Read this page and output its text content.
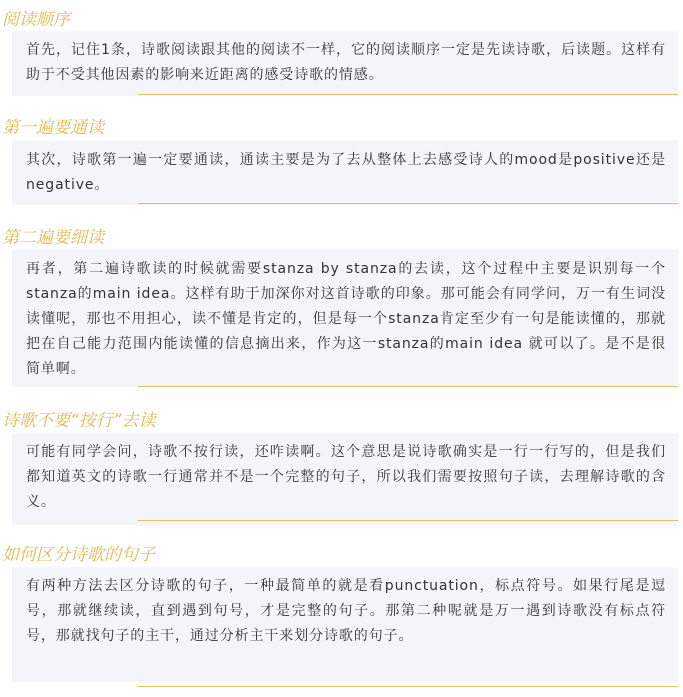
阅读顺序

首先，记住1条，诗歌阅读跟其他的阅读不一样，它的阅读顺序一定是先读诗歌，后读题。这样有助于不受其他因素的影响来近距离的感受诗歌的情感。

第一遍要通读

其次，诗歌第一遍一定要通读，通读主要是为了去从整体上去感受诗人的mood是positive还是negative。

第二遍要细读

再者，第二遍诗歌读的时候就需要stanza by stanza的去读，这个过程中主要是识别每一个stanza的main idea。这样有助于加深你对这首诗歌的印象。那可能会有同学问，万一有生词没读懂呢，那也不用担心，读不懂是肯定的，但是每一个stanza肯定至少有一句是能读懂的，那就把在自己能力范围内能读懂的信息摘出来，作为这一stanza的main idea 就可以了。是不是很简单啊。

诗歌不要“按行”去读

可能有同学会问，诗歌不按行读，还咋读啊。这个意思是说诗歌确实是一行一行写的，但是我们都知道英文的诗歌一行通常并不是一个完整的句子，所以我们需要按照句子读，去理解诗歌的含义。

如何区分诗歌的句子

有两种方法去区分诗歌的句子，一种最简单的就是看punctuation，标点符号。如果行尾是逗号，那就继续读，直到遇到句号，才是完整的句子。那第二种呢就是万一遇到诗歌没有标点符号，那就找句子的主干，通过分析主干来划分诗歌的句子。
